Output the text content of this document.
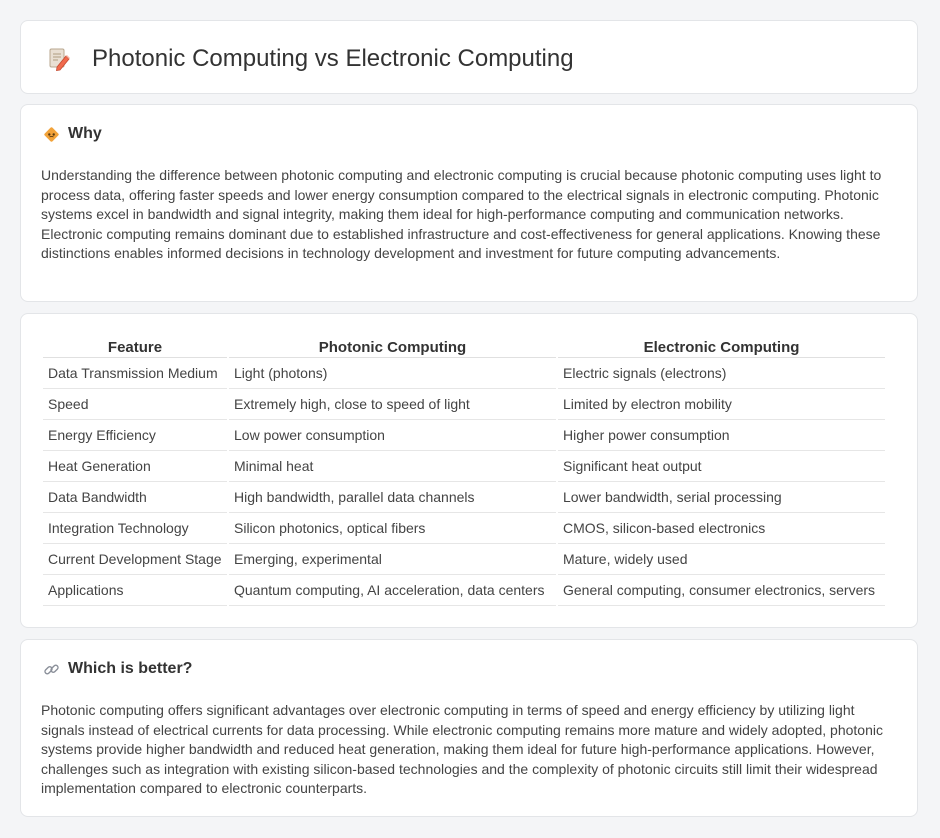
Photonic Computing vs Electronic Computing
Why

Understanding the difference between photonic computing and electronic computing is crucial because photonic computing uses light to process data, offering faster speeds and lower energy consumption compared to the electrical signals in electronic computing. Photonic systems excel in bandwidth and signal integrity, making them ideal for high-performance computing and communication networks. Electronic computing remains dominant due to established infrastructure and cost-effectiveness for general applications. Knowing these distinctions enables informed decisions in technology development and investment for future computing advancements.

Feature	Photonic Computing	Electronic Computing
Data Transmission Medium	Light (photons)	Electric signals (electrons)
Speed	Extremely high, close to speed of light	Limited by electron mobility
Energy Efficiency	Low power consumption	Higher power consumption
Heat Generation	Minimal heat	Significant heat output
Data Bandwidth	High bandwidth, parallel data channels	Lower bandwidth, serial processing
Integration Technology	Silicon photonics, optical fibers	CMOS, silicon-based electronics
Current Development Stage	Emerging, experimental	Mature, widely used
Applications	Quantum computing, AI acceleration, data centers	General computing, consumer electronics, servers
Which is better?

Photonic computing offers significant advantages over electronic computing in terms of speed and energy efficiency by utilizing light signals instead of electrical currents for data processing. While electronic computing remains more mature and widely adopted, photonic systems provide higher bandwidth and reduced heat generation, making them ideal for future high-performance applications. However, challenges such as integration with existing silicon-based technologies and the complexity of photonic circuits still limit their widespread implementation compared to electronic counterparts.
